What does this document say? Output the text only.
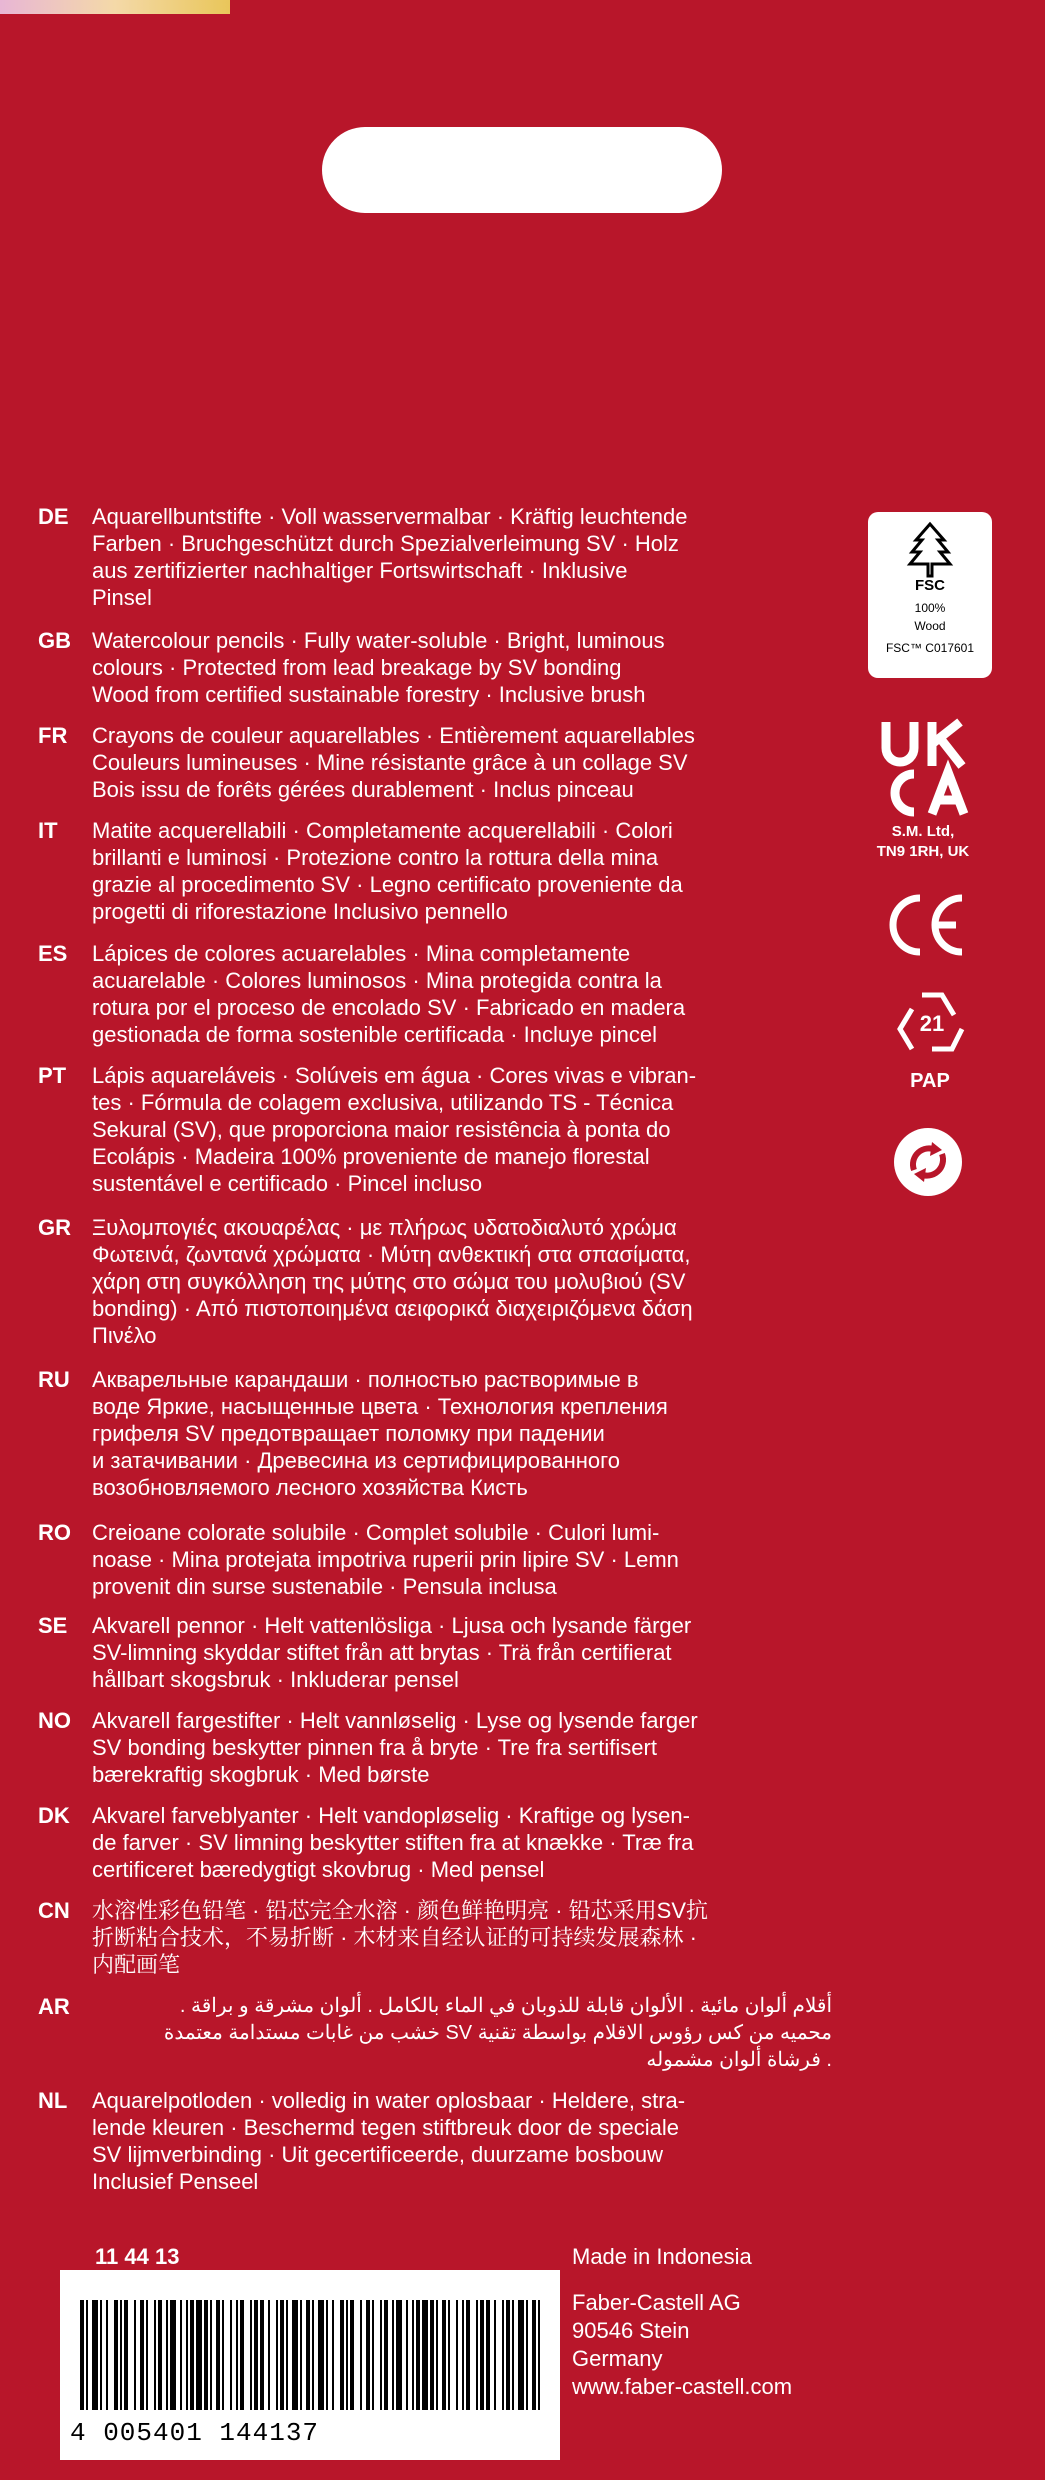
DE	Aquarellbuntstifte · Voll wasservermalbar · Kräftig leuchtende
Farben · Bruchgeschützt durch Spezialverleimung SV · Holz
aus zertifizierter nachhaltiger Fortswirtschaft · Inklusive
Pinsel
GB Watercolour pencils · Fully water-soluble · Bright, luminous
colours · Protected from lead breakage by SV bonding
Wood from certified sustainable forestry · Inclusive brush
FR	Crayons de couleur aquarellables · Entièrement aquarellables
Couleurs lumineuses · Mine résistante grâce à un collage SV
Bois issu de forêts gérées durablement · Inclus pinceau
IT	Matite acquerellabili · Completamente acquerellabili · Colori
brillanti e luminosi · Protezione contro la rottura della mina
grazie al procedimento SV · Legno certificato proveniente da
progetti di riforestazione Inclusivo pennello
ES	Lápices de colores acuarelables · Mina completamente
acuarelable · Colores luminosos · Mina protegida contra la
rotura por el proceso de encolado SV · Fabricado en madera
gestionada de forma sostenible certificada · Incluye pincel
PT	Lápis aquareláveis · Solúveis em água · Cores vivas e vibran-
tes · Fórmula de colagem exclusiva, utilizando TS - Técnica
Sekural (SV), que proporciona maior resistência à ponta do
Ecolápis · Madeira 100% proveniente de manejo florestal
sustentável e certificado · Pincel incluso
GR Ξυλομπογιές ακουαρέλας · με πλήρως υδατοδιαλυτό χρώμα
Φωτεινά, ζωντανά χρώματα · Μύτη ανθεκτική στα σπασίματα,
χάρη στη συγκόλληση της μύτης στο σώμα του μολυβιού (SV
bonding) · Από πιστοποιημένα αειφορικά διαχειριζόμενα δάση
Πινέλο
RU	Акварельные карандаши · полностью растворимые в
воде Яркие, насыщенные цвета · Технология крепления
грифеля SV предотвращает поломку при падении
и затачивании · Древесина из сертифицированного
возобновляемого лесного хозяйства Кисть
RO Creioane colorate solubile · Complet solubile · Culori lumi-
noase · Mina protejata impotriva ruperii prin lipire SV · Lemn
provenit din surse sustenabile · Pensula inclusa
SE	Akvarell pennor · Helt vattenlösliga · Ljusa och lysande färger
SV-limning skyddar stiftet från att brytas · Trä från certifierat
hållbart skogsbruk · Inkluderar pensel
NO Akvarell fargestifter · Helt vannløselig · Lyse og lysende farger
SV bonding beskytter pinnen fra å bryte · Tre fra sertifisert
bærekraftig skogbruk · Med børste
DK	Akvarel farveblyanter · Helt vandopløselig · Kraftige og lysen-
de farver · SV limning beskytter stiften fra at knække · Træ fra
certificeret bæredygtigt skovbrug · Med pensel
CN	水溶性彩色铅笔 · 铅芯完全水溶 · 颜色鲜艳明亮 · 铅芯采用SV抗
折断粘合技术，不易折断 · 木材来自经认证的可持续发展森林 ·
内配画笔
AR	أقلام ألوان مائية . الألوان قابلة للذوبان في الماء بالكامل . ألوان مشرقة و براقة .
محميه من كس رؤوس الاقلام بواسطة تقنية SV خشب من غابات مستدامة معتمدة
. فرشاة ألوان مشموله
NL	Aquarelpotloden · volledig in water oplosbaar · Heldere, stra-
lende kleuren · Beschermd tegen stiftbreuk door de speciale
SV lijmverbinding · Uit gecertificeerde, duurzame bosbouw
Inclusief Penseel
FSC
100%
Wood
FSC™ C017601
S.M. Ltd,
TN9 1RH, UK
21
PAP
11 44 13
4 005401 144137
Made in Indonesia
Faber-Castell AG
90546 Stein
Germany
www.faber-castell.com
